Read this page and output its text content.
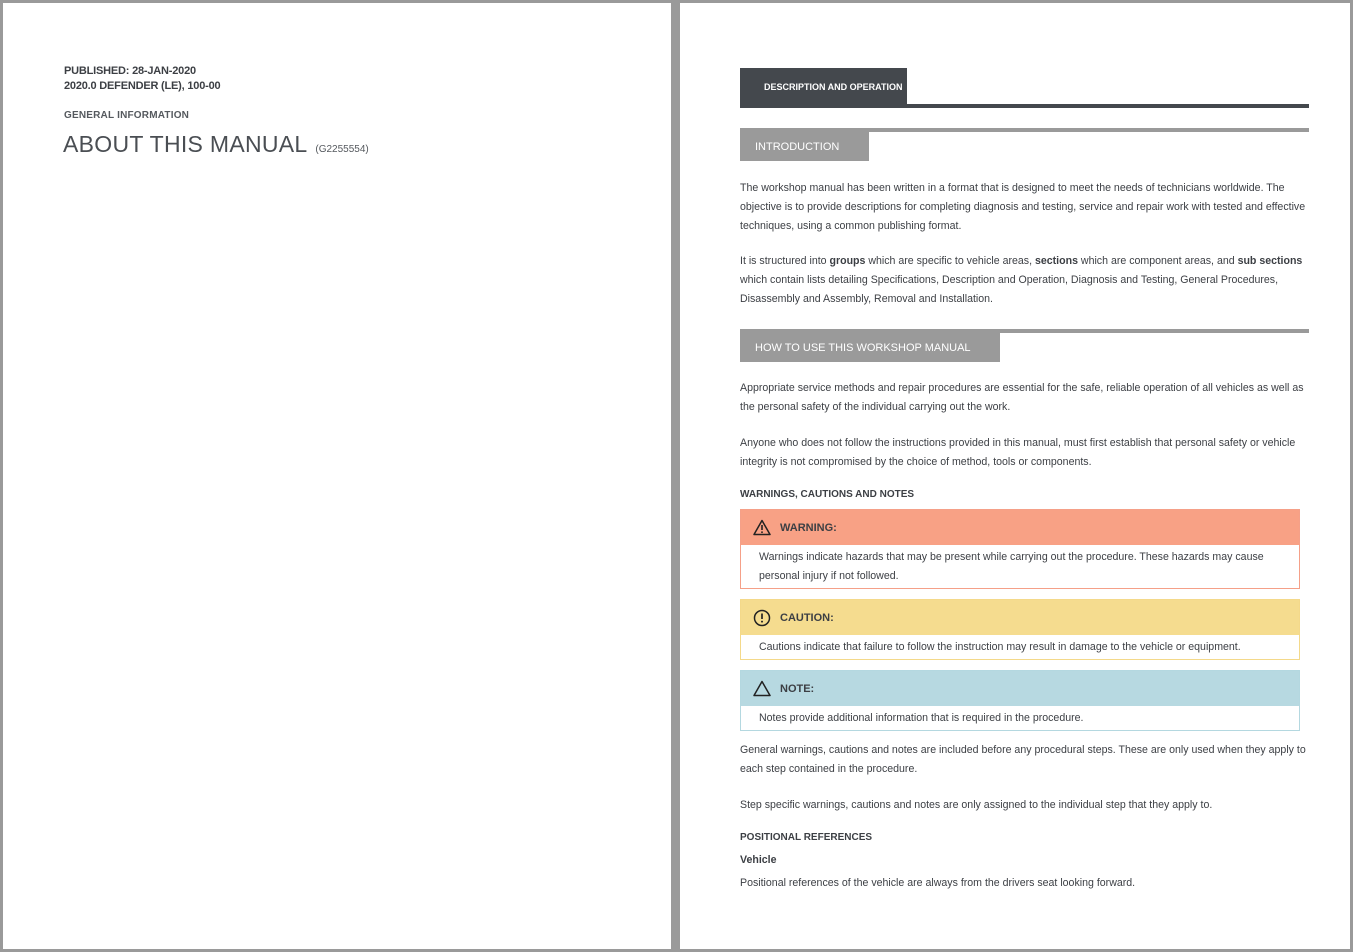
PUBLISHED: 28-JAN-2020
2020.0 DEFENDER (LE), 100-00
GENERAL INFORMATION
ABOUT THIS MANUAL (G2255554)
DESCRIPTION AND OPERATION
INTRODUCTION

The workshop manual has been written in a format that is designed to meet the needs of technicians worldwide. The objective is to provide descriptions for completing diagnosis and testing, service and repair work with tested and effective techniques, using a common publishing format.

It is structured into groups which are specific to vehicle areas, sections which are component areas, and sub sections which contain lists detailing Specifications, Description and Operation, Diagnosis and Testing, General Procedures, Disassembly and Assembly, Removal and Installation.

HOW TO USE THIS WORKSHOP MANUAL

Appropriate service methods and repair procedures are essential for the safe, reliable operation of all vehicles as well as the personal safety of the individual carrying out the work.

Anyone who does not follow the instructions provided in this manual, must first establish that personal safety or vehicle integrity is not compromised by the choice of method, tools or components.

WARNINGS, CAUTIONS AND NOTES
WARNING:
Warnings indicate hazards that may be present while carrying out the procedure. These hazards may cause personal injury if not followed.
CAUTION:
Cautions indicate that failure to follow the instruction may result in damage to the vehicle or equipment.
NOTE:
Notes provide additional information that is required in the procedure.

General warnings, cautions and notes are included before any procedural steps. These are only used when they apply to each step contained in the procedure.

Step specific warnings, cautions and notes are only assigned to the individual step that they apply to.

POSITIONAL REFERENCES
Vehicle
Positional references of the vehicle are always from the drivers seat looking forward.
